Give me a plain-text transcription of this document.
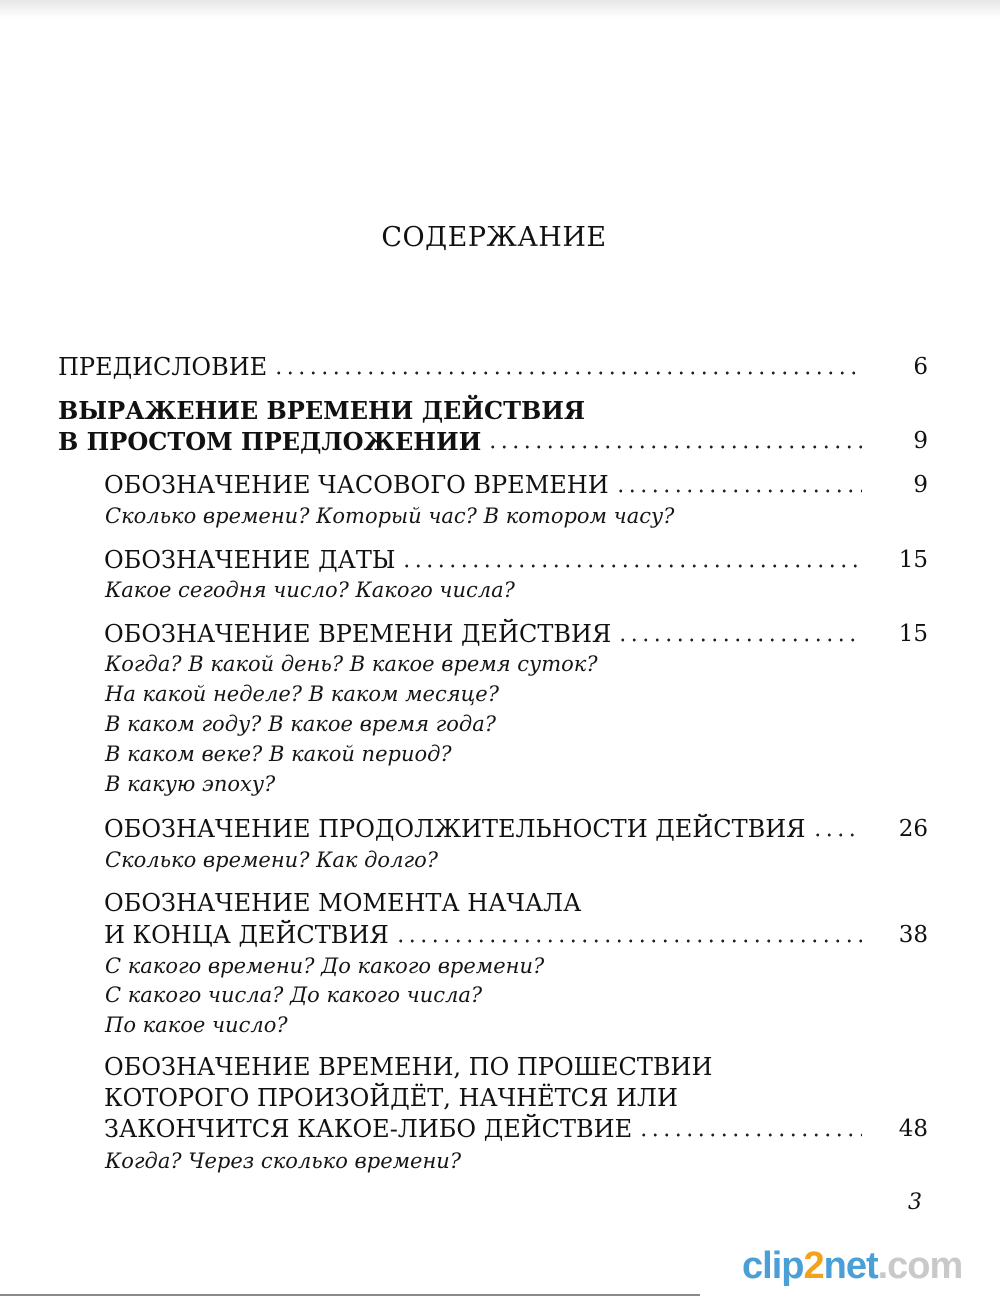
СОДЕРЖАНИЕ
ПРЕДИСЛОВИЕ	6
ВЫРАЖЕНИЕ ВРЕМЕНИ ДЕЙСТВИЯ
В ПРОСТОМ ПРЕДЛОЖЕНИИ	9
ОБОЗНАЧЕНИЕ ЧАСОВОГО ВРЕМЕНИ	9
Сколько времени? Который час? В котором часу?
ОБОЗНАЧЕНИЕ ДАТЫ	15
Какое сегодня число? Какого числа?
ОБОЗНАЧЕНИЕ ВРЕМЕНИ ДЕЙСТВИЯ	15
Когда? В какой день? В какое время суток?
На какой неделе? В каком месяце?
В каком году? В какое время года?
В каком веке? В какой период?
В какую эпоху?
ОБОЗНАЧЕНИЕ ПРОДОЛЖИТЕЛЬНОСТИ ДЕЙСТВИЯ	26
Сколько времени? Как долго?
ОБОЗНАЧЕНИЕ МОМЕНТА НАЧАЛА
И КОНЦА ДЕЙСТВИЯ	38
С какого времени? До какого времени?
С какого числа? До какого числа?
По какое число?
ОБОЗНАЧЕНИЕ ВРЕМЕНИ, ПО ПРОШЕСТВИИ
КОТОРОГО ПРОИЗОЙДЁТ, НАЧНЁТСЯ ИЛИ
ЗАКОНЧИТСЯ КАКОЕ-ЛИБО ДЕЙСТВИЕ	48
Когда? Через сколько времени?
3
clip2net.com
